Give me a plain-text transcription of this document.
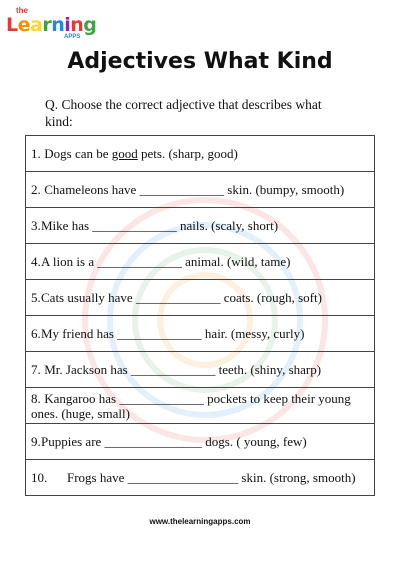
the
Learning
APPS
Adjectives What Kind
Q. Choose the correct adjective that describes what kind:
1. Dogs can be good pets. (sharp, good)
2. Chameleons have _____________ skin. (bumpy, smooth)
3.Mike has _____________ nails. (scaly, short)
4.A lion is a _____________ animal. (wild, tame)
5.Cats usually have _____________ coats. (rough, soft)
6.My friend has _____________ hair. (messy, curly)
7. Mr. Jackson has _____________ teeth. (shiny, sharp)
8. Kangaroo has _____________ pockets to keep their young ones. (huge, small)
9.Puppies are _______________ dogs. ( young, few)
10. Frogs have _________________ skin. (strong, smooth)
www.thelearningapps.com
